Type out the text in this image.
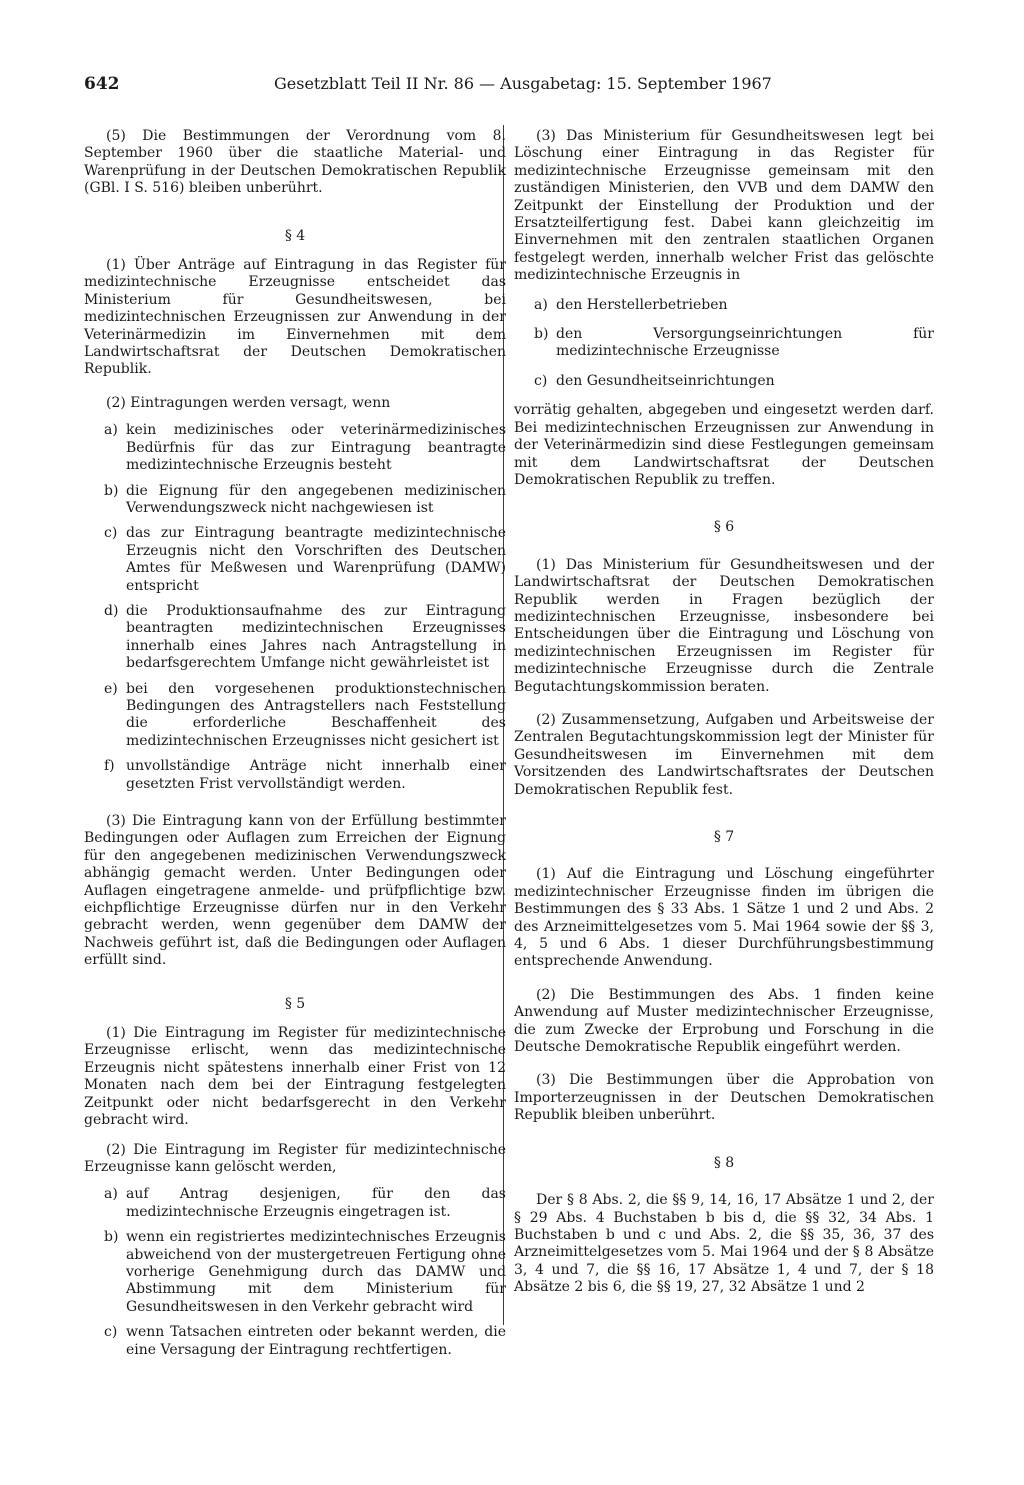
642	Gesetzblatt Teil II Nr. 86 — Ausgabetag: 15. September 1967

(5) Die Bestimmungen der Verordnung vom 8. September 1960 über die staatliche Material- und Warenprüfung in der Deutschen Demokratischen Republik (GBl. I S. 516) bleiben unberührt.

§ 4

(1) Über Anträge auf Eintragung in das Register für medizintechnische Erzeugnisse entscheidet das Ministerium für Gesundheitswesen, bei medizintechnischen Erzeugnissen zur Anwendung in der Veterinärmedizin im Einvernehmen mit dem Landwirtschaftsrat der Deutschen Demokratischen Republik.

(2) Eintragungen werden versagt, wenn

a) kein medizinisches oder veterinärmedizinisches Bedürfnis für das zur Eintragung beantragte medizintechnische Erzeugnis besteht
b) die Eignung für den angegebenen medizinischen Verwendungszweck nicht nachgewiesen ist
c) das zur Eintragung beantragte medizintechnische Erzeugnis nicht den Vorschriften des Deutschen Amtes für Meßwesen und Warenprüfung (DAMW) entspricht
d) die Produktionsaufnahme des zur Eintragung beantragten medizintechnischen Erzeugnisses innerhalb eines Jahres nach Antragstellung in bedarfsgerechtem Umfange nicht gewährleistet ist
e) bei den vorgesehenen produktionstechnischen Bedingungen des Antragstellers nach Feststellung die erforderliche Beschaffenheit des medizintechnischen Erzeugnisses nicht gesichert ist
f) unvollständige Anträge nicht innerhalb einer gesetzten Frist vervollständigt werden.

(3) Die Eintragung kann von der Erfüllung bestimmter Bedingungen oder Auflagen zum Erreichen der Eignung für den angegebenen medizinischen Verwendungszweck abhängig gemacht werden. Unter Bedingungen oder Auflagen eingetragene anmelde- und prüfpflichtige bzw. eichpflichtige Erzeugnisse dürfen nur in den Verkehr gebracht werden, wenn gegenüber dem DAMW der Nachweis geführt ist, daß die Bedingungen oder Auflagen erfüllt sind.

§ 5

(1) Die Eintragung im Register für medizintechnische Erzeugnisse erlischt, wenn das medizintechnische Erzeugnis nicht spätestens innerhalb einer Frist von 12 Monaten nach dem bei der Eintragung festgelegten Zeitpunkt oder nicht bedarfsgerecht in den Verkehr gebracht wird.

(2) Die Eintragung im Register für medizintechnische Erzeugnisse kann gelöscht werden,

a) auf Antrag desjenigen, für den das medizintechnische Erzeugnis eingetragen ist.
b) wenn ein registriertes medizintechnisches Erzeugnis abweichend von der mustergetreuen Fertigung ohne vorherige Genehmigung durch das DAMW und Abstimmung mit dem Ministerium für Gesundheitswesen in den Verkehr gebracht wird
c) wenn Tatsachen eintreten oder bekannt werden, die eine Versagung der Eintragung rechtfertigen.

(3) Das Ministerium für Gesundheitswesen legt bei Löschung einer Eintragung in das Register für medizintechnische Erzeugnisse gemeinsam mit den zuständigen Ministerien, den VVB und dem DAMW den Zeitpunkt der Einstellung der Produktion und der Ersatzteilfertigung fest. Dabei kann gleichzeitig im Einvernehmen mit den zentralen staatlichen Organen festgelegt werden, innerhalb welcher Frist das gelöschte medizintechnische Erzeugnis in

a) den Herstellerbetrieben
b) den Versorgungseinrichtungen für medizintechnische Erzeugnisse
c) den Gesundheitseinrichtungen

vorrätig gehalten, abgegeben und eingesetzt werden darf. Bei medizintechnischen Erzeugnissen zur Anwendung in der Veterinärmedizin sind diese Festlegungen gemeinsam mit dem Landwirtschaftsrat der Deutschen Demokratischen Republik zu treffen.

§ 6

(1) Das Ministerium für Gesundheitswesen und der Landwirtschaftsrat der Deutschen Demokratischen Republik werden in Fragen bezüglich der medizintechnischen Erzeugnisse, insbesondere bei Entscheidungen über die Eintragung und Löschung von medizintechnischen Erzeugnissen im Register für medizintechnische Erzeugnisse durch die Zentrale Begutachtungskommission beraten.

(2) Zusammensetzung, Aufgaben und Arbeitsweise der Zentralen Begutachtungskommission legt der Minister für Gesundheitswesen im Einvernehmen mit dem Vorsitzenden des Landwirtschaftsrates der Deutschen Demokratischen Republik fest.

§ 7

(1) Auf die Eintragung und Löschung eingeführter medizintechnischer Erzeugnisse finden im übrigen die Bestimmungen des § 33 Abs. 1 Sätze 1 und 2 und Abs. 2 des Arzneimittelgesetzes vom 5. Mai 1964 sowie der §§ 3, 4, 5 und 6 Abs. 1 dieser Durchführungsbestimmung entsprechende Anwendung.

(2) Die Bestimmungen des Abs. 1 finden keine Anwendung auf Muster medizintechnischer Erzeugnisse, die zum Zwecke der Erprobung und Forschung in die Deutsche Demokratische Republik eingeführt werden.

(3) Die Bestimmungen über die Approbation von Importerzeugnissen in der Deutschen Demokratischen Republik bleiben unberührt.

§ 8

Der § 8 Abs. 2, die §§ 9, 14, 16, 17 Absätze 1 und 2, der § 29 Abs. 4 Buchstaben b bis d, die §§ 32, 34 Abs. 1 Buchstaben b und c und Abs. 2, die §§ 35, 36, 37 des Arzneimittelgesetzes vom 5. Mai 1964 und der § 8 Absätze 3, 4 und 7, die §§ 16, 17 Absätze 1, 4 und 7, der § 18 Absätze 2 bis 6, die §§ 19, 27, 32 Absätze 1 und 2
